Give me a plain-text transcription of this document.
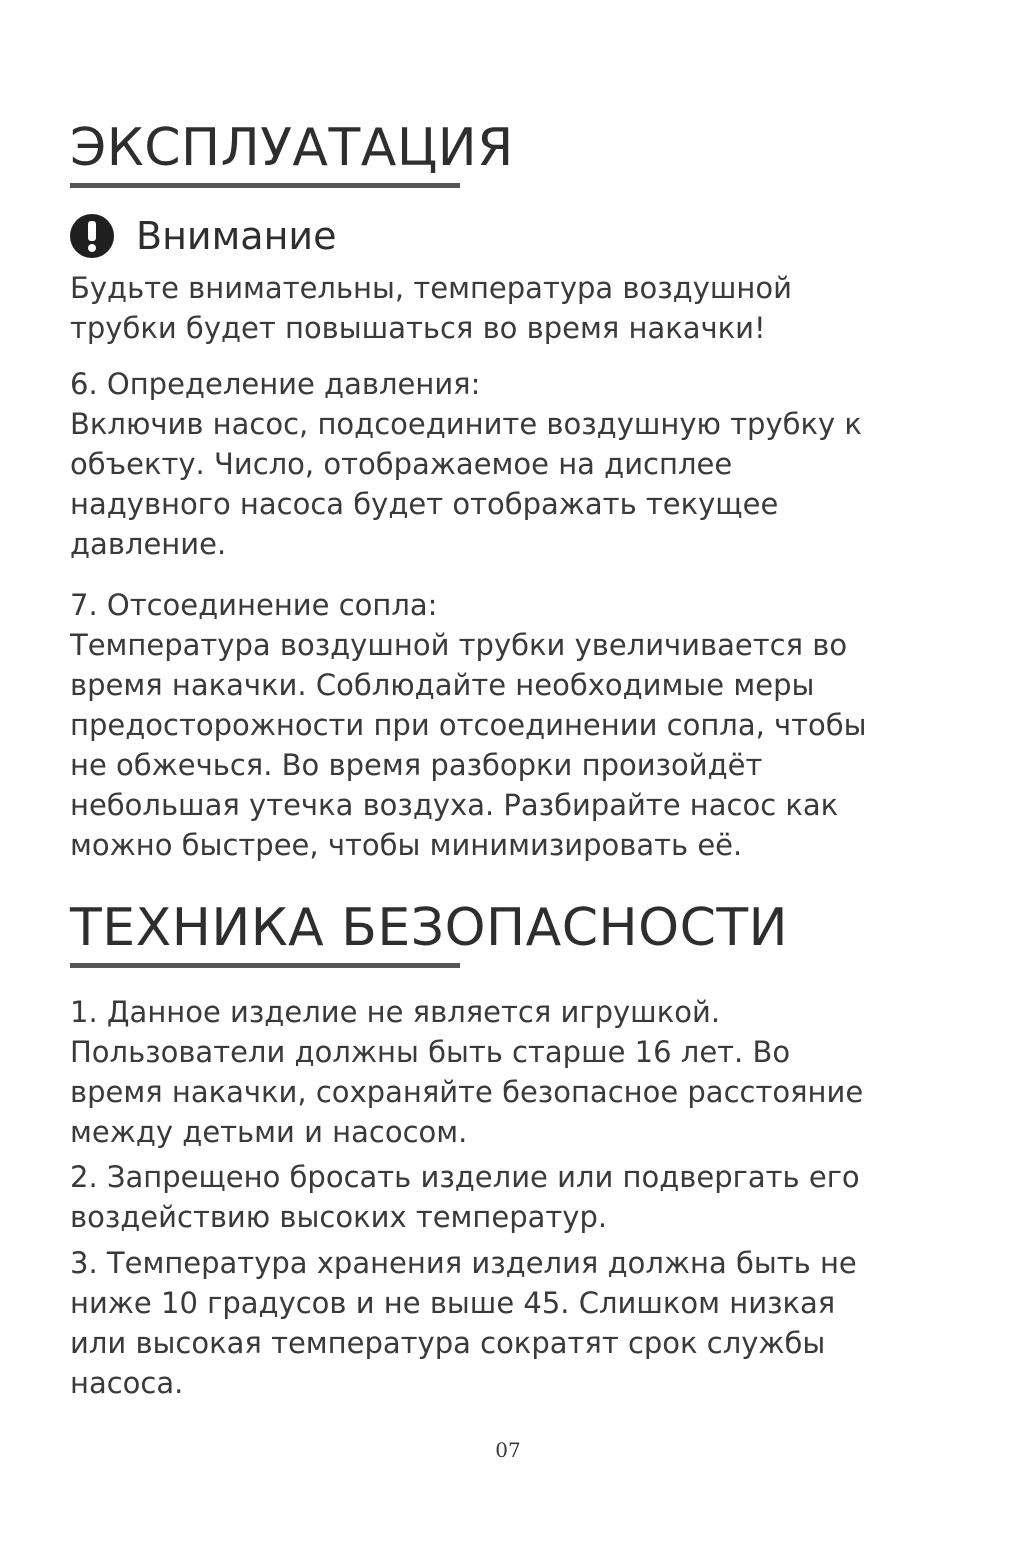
ЭКСПЛУАТАЦИЯ
Внимание

Будьте внимательны, температура воздушной
трубки будет повышаться во время накачки!

6. Определение давления:
Включив насос, подсоедините воздушную трубку к
объекту. Число, отображаемое на дисплее
надувного насоса будет отображать текущее
давление.

7. Отсоединение сопла:
Температура воздушной трубки увеличивается во
время накачки. Соблюдайте необходимые меры
предосторожности при отсоединении сопла, чтобы
не обжечься. Во время разборки произойдёт
небольшая утечка воздуха. Разбирайте насос как
можно быстрее, чтобы минимизировать её.

ТЕХНИКА БЕЗОПАСНОСТИ

1. Данное изделие не является игрушкой.
Пользователи должны быть старше 16 лет. Во
время накачки, сохраняйте безопасное расстояние
между детьми и насосом.

2. Запрещено бросать изделие или подвергать его
воздействию высоких температур.

3. Температура хранения изделия должна быть не
ниже 10 градусов и не выше 45. Слишком низкая
или высокая температура сократят срок службы
насоса.

07
